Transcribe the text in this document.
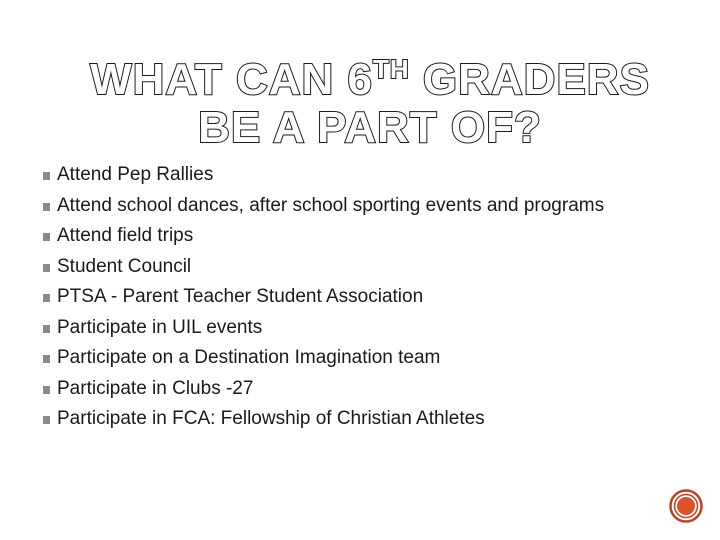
WHAT CAN 6TH GRADERS BE A PART OF?
Attend Pep Rallies
Attend school dances, after school sporting events and programs
Attend field trips
Student Council
PTSA - Parent Teacher Student Association
Participate in UIL events
Participate on a Destination Imagination team
Participate in Clubs -27
Participate in FCA: Fellowship of Christian Athletes
